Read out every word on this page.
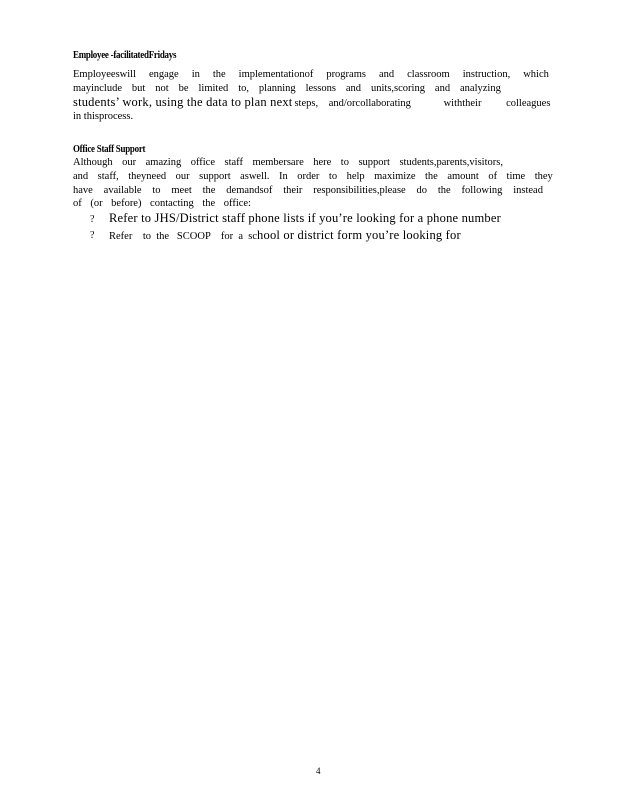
Employee -facilitatedFridays
Employeeswill engage in the implementationof programs and classroom instruction, which
mayinclude but not be limited to, planning lessons and units,scoring and analyzing
students’ work, using the data to plan next steps, and/orcollaborating	withtheir colleagues
in thisprocess.
Office Staff Support
Although our amazing office staff membersare here to support students,parents,visitors,
and staff, theyneed our support aswell. In order to help maximize the amount of time they
have available to meet the demandsof their responsibilities,please do the following instead
of (or before) contacting the office:
? Refer to JHS/District staff phone lists if you’re looking for a phone number
? Refer    to  the   SCOOP    for  a  school or district form you’re looking for
4
